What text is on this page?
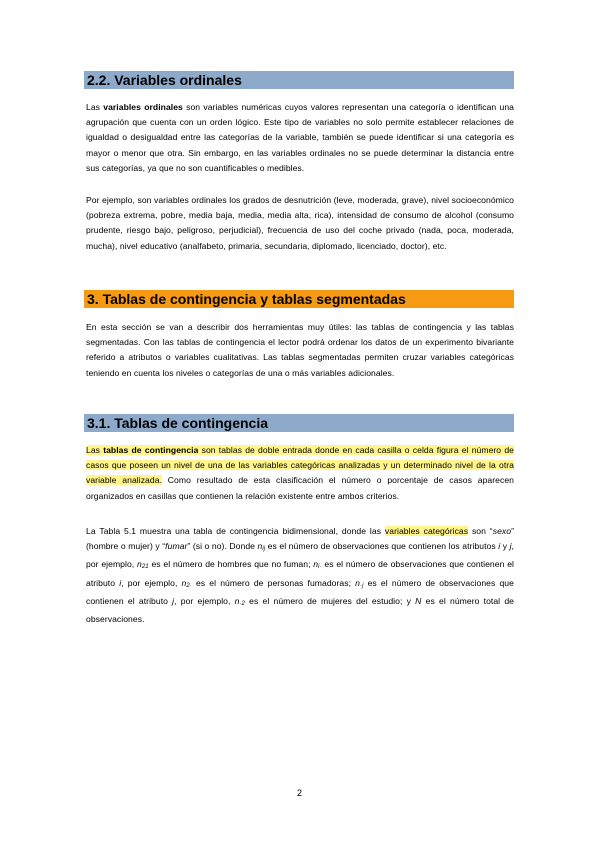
2.2. Variables ordinales

Las variables ordinales son variables numéricas cuyos valores representan una categoría o identifican una agrupación que cuenta con un orden lógico. Este tipo de variables no solo permite establecer relaciones de igualdad o desigualdad entre las categorías de la variable, también se puede identificar si una categoría es mayor o menor que otra. Sin embargo, en las variables ordinales no se puede determinar la distancia entre sus categorías, ya que no son cuantificables o medibles.

Por ejemplo, son variables ordinales los grados de desnutrición (leve, moderada, grave), nivel socioeconómico (pobreza extrema, pobre, media baja, media, media alta, rica), intensidad de consumo de alcohol (consumo prudente, riesgo bajo, peligroso, perjudicial), frecuencia de uso del coche privado (nada, poca, moderada, mucha), nivel educativo (analfabeto, primaria, secundaria, diplomado, licenciado, doctor), etc.

3. Tablas de contingencia y tablas segmentadas

En esta sección se van a describir dos herramientas muy útiles: las tablas de contingencia y las tablas segmentadas. Con las tablas de contingencia el lector podrá ordenar los datos de un experimento bivariante referido a atributos o variables cualitativas. Las tablas segmentadas permiten cruzar variables categóricas teniendo en cuenta los niveles o categorías de una o más variables adicionales.

3.1. Tablas de contingencia

Las tablas de contingencia son tablas de doble entrada donde en cada casilla o celda figura el número de casos que poseen un nivel de una de las variables categóricas analizadas y un determinado nivel de la otra variable analizada. Como resultado de esta clasificación el número o porcentaje de casos aparecen organizados en casillas que contienen la relación existente entre ambos criterios.

La Tabla 5.1 muestra una tabla de contingencia bidimensional, donde las variables categóricas son “sexo” (hombre o mujer) y “fumar” (si o no). Donde nij es el número de observaciones que contienen los atributos i y j, por ejemplo, n21 es el número de hombres que no fuman; ni· es el número de observaciones que contienen el atributo i, por ejemplo, n2· es el número de personas fumadoras; n·j es el número de observaciones que contienen el atributo j, por ejemplo, n·2 es el número de mujeres del estudio; y N es el número total de observaciones.

2
